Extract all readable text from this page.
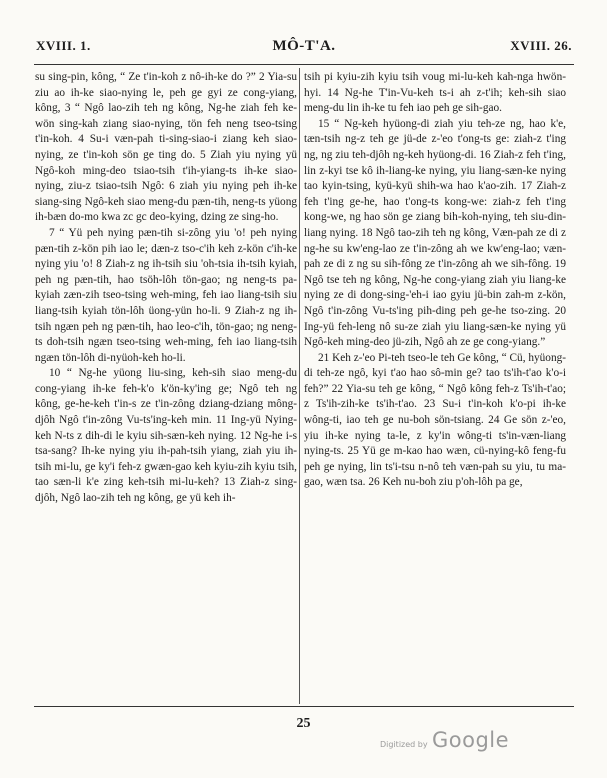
XVIII. 1.	MÔ-T'A.	XVIII. 26.

su sing-pin, kông, “ Ze t'in-koh z nô-ih-ke do ?” 2 Yia-su ziu ao ih-ke siao-nying le, peh ge gyi ze cong-yiang, kông, 3 “ Ngô lao-zih teh ng kông, Ng-he ziah feh ke-wön sing-kah ziang siao-nying, tön feh neng tseo-tsing t'in-koh. 4 Su-i væn-pah ti-sing-siao-i ziang keh siao-nying, ze t'in-koh sön ge ting do. 5 Ziah yiu nying yü Ngô-koh ming-deo tsiao-tsih t'ih-yiang-ts ih-ke siao-nying, ziu-z tsiao-tsih Ngô: 6 ziah yiu nying peh ih-ke siang-sing Ngô-keh siao meng-du pæn-tih, neng-ts yüong ih-bæn do-mo kwa zc gc deo-kying, dzing ze sing-ho.

7 “ Yü peh nying pæn-tih si-zông yiu 'o! peh nying pæn-tih z-kön pih iao le; dæn-z tso-c'ih keh z-kön c'ih-ke nying yiu 'o! 8 Ziah-z ng ih-tsih siu 'oh-tsia ih-tsih kyiah, peh ng pæn-tih, hao tsöh-lôh tön-gao; ng neng-ts pa-kyiah zæn-zih tseo-tsing weh-ming, feh iao liang-tsih siu liang-tsih kyiah tön-lôh üong-yün ho-li. 9 Ziah-z ng ih-tsih ngæn peh ng pæn-tih, hao leo-c'ih, tön-gao; ng neng-ts doh-tsih ngæn tseo-tsing weh-ming, feh iao liang-tsih ngæn tön-lôh di-nyüoh-keh ho-li.

10 “ Ng-he yüong liu-sing, keh-sih siao meng-du cong-yiang ih-ke feh-k'o k'ön-ky'ing ge; Ngô teh ng kông, ge-he-keh t'in-s ze t'in-zông dziang-dziang mông-djôh Ngô t'in-zông Vu-ts'ing-keh min. 11 Ing-yü Nying-keh N-ts z dih-di le kyiu sih-sæn-keh nying. 12 Ng-he i-s tsa-sang? Ih-ke nying yiu ih-pah-tsih yiang, ziah yiu ih-tsih mi-lu, ge ky'i feh-z gwæn-gao keh kyiu-zih kyiu tsih, tao sæn-li k'e zing keh-tsih mi-lu-keh? 13 Ziah-z sing-djôh, Ngô lao-zih teh ng kông, ge yü keh ih-

tsih pi kyiu-zih kyiu tsih voug mi-lu-keh kah-nga hwön-hyi. 14 Ng-he T'in-Vu-keh ts-i ah z-t'ih; keh-sih siao meng-du lin ih-ke tu feh iao peh ge sih-gao.

15 “ Ng-keh hyüong-di ziah yiu teh-ze ng, hao k'e, tæn-tsih ng-z teh ge jü-de z-'eo t'ong-ts ge: ziah-z t'ing ng, ng ziu teh-djôh ng-keh hyüong-di. 16 Ziah-z feh t'ing, lin z-kyi tse kô ih-liang-ke nying, yiu liang-sæn-ke nying tao kyin-tsing, kyü-kyü shih-wa hao k'ao-zih. 17 Ziah-z feh t'ing ge-he, hao t'ong-ts kong-we: ziah-z feh t'ing kong-we, ng hao sön ge ziang bih-koh-nying, teh siu-din-liang nying. 18 Ngô tao-zih teh ng kông, Væn-pah ze di z ng-he su kw'eng-lao ze t'in-zông ah we kw'eng-lao; væn-pah ze di z ng su sih-fông ze t'in-zông ah we sih-fông. 19 Ngô tse teh ng kông, Ng-he cong-yiang ziah yiu liang-ke nying ze di dong-sing-'eh-i iao gyiu jü-bin zah-m z-kön, Ngô t'in-zông Vu-ts'ing pih-ding peh ge-he tso-zing. 20 Ing-yü feh-leng nô su-ze ziah yiu liang-sæn-ke nying yü Ngô-keh ming-deo jü-zih, Ngô ah ze ge cong-yiang.”

21 Keh z-'eo Pi-teh tseo-le teh Ge kông, “ Cü, hyüong-di teh-ze ngô, kyi t'ao hao sô-min ge? tao ts'ih-t'ao k'o-i feh?” 22 Yia-su teh ge kông, “ Ngô kông feh-z Ts'ih-t'ao; z Ts'ih-zih-ke ts'ih-t'ao. 23 Su-i t'in-koh k'o-pi ih-ke wông-ti, iao teh ge nu-boh sön-tsiang. 24 Ge sön z-'eo, yiu ih-ke nying ta-le, z ky'in wông-ti ts'in-væn-liang nying-ts. 25 Yü ge m-kao hao wæn, cü-nying-kô feng-fu peh ge nying, lin ts'i-tsu n-nô teh væn-pah su yiu, tu ma-gao, wæn tsa. 26 Keh nu-boh ziu p'oh-lôh pa ge,

25
Digitized by Google
